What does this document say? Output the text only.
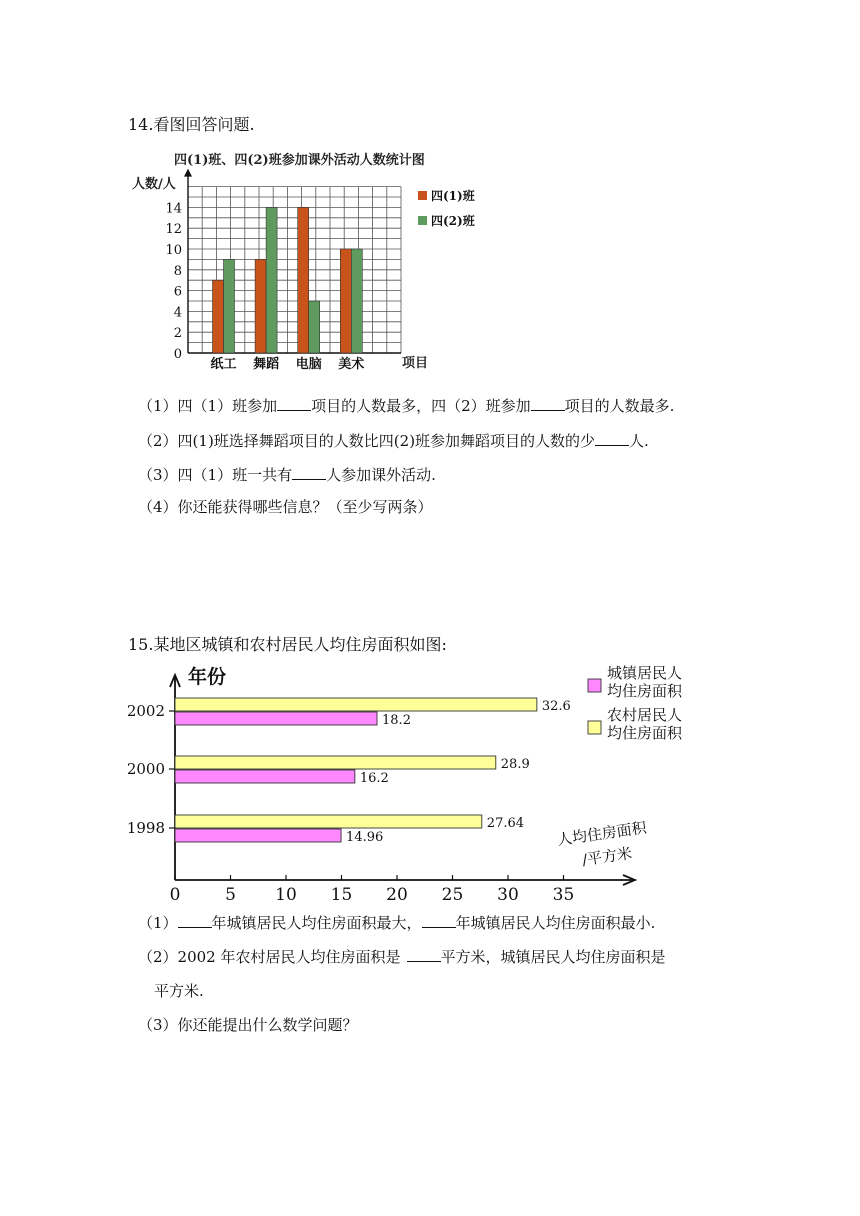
14.看图回答问题.
四(1)班、四(2)班参加课外活动人数统计图
人数/人
项目
0
2
4
6
8
10
12
14
纸工 舞蹈 电脑 美术
四(1)班
四(2)班
（1）四（1）班参加 项目的人数最多，四（2）班参加 项目的人数最多.
（2）四(1)班选择舞蹈项目的人数比四(2)班参加舞蹈项目的人数的少 人.
（3）四（1）班一共有 人参加课外活动.
（4）你还能获得哪些信息？（至少写两条）
15.某地区城镇和农村居民人均住房面积如图:
年份
32.6
18.2
28.9
16.2
27.64
14.96
0	5 10 15 20 25 30 35
2002
2000
1998
城镇居民人
均住房面积
农村居民人
均住房面积
人均住房面积
/平方米
（1） 年城镇居民人均住房面积最大， 年城镇居民人均住房面积最小.
（2）2002 年农村居民人均住房面积是	平方米，城镇居民人均住房面积是
平方米.
（3）你还能提出什么数学问题？
